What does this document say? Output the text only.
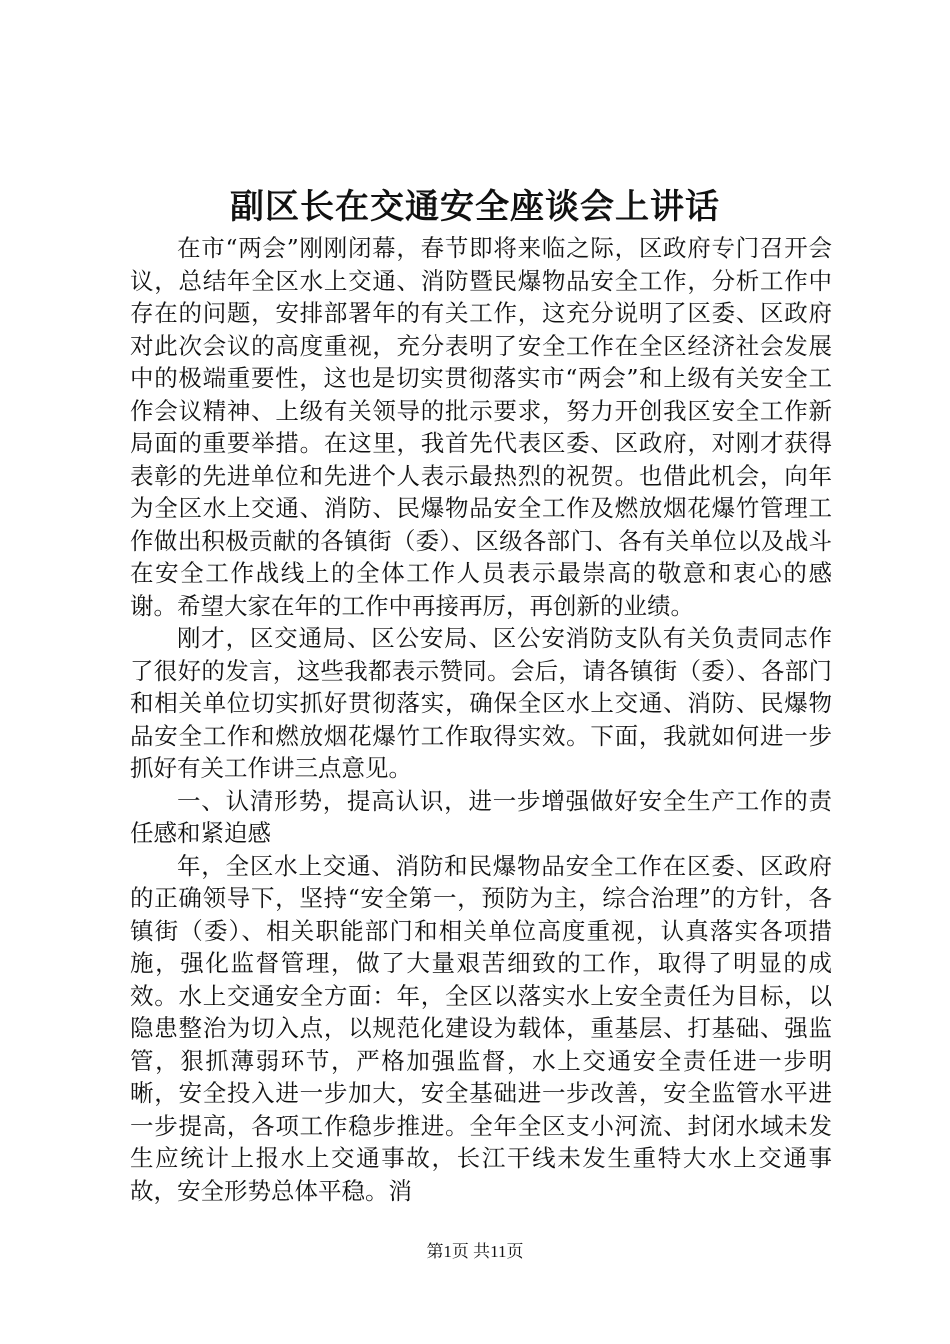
副区长在交通安全座谈会上讲话

在市“两会”刚刚闭幕，春节即将来临之际，区政府专门召开会议，总结年全区水上交通、消防暨民爆物品安全工作，分析工作中存在的问题，安排部署年的有关工作，这充分说明了区委、区政府对此次会议的高度重视，充分表明了安全工作在全区经济社会发展中的极端重要性，这也是切实贯彻落实市“两会”和上级有关安全工作会议精神、上级有关领导的批示要求，努力开创我区安全工作新局面的重要举措。在这里，我首先代表区委、区政府，对刚才获得表彰的先进单位和先进个人表示最热烈的祝贺。也借此机会，向年为全区水上交通、消防、民爆物品安全工作及燃放烟花爆竹管理工作做出积极贡献的各镇街（委）、区级各部门、各有关单位以及战斗在安全工作战线上的全体工作人员表示最崇高的敬意和衷心的感谢。希望大家在年的工作中再接再厉，再创新的业绩。

刚才，区交通局、区公安局、区公安消防支队有关负责同志作了很好的发言，这些我都表示赞同。会后，请各镇街（委）、各部门和相关单位切实抓好贯彻落实，确保全区水上交通、消防、民爆物品安全工作和燃放烟花爆竹工作取得实效。下面，我就如何进一步抓好有关工作讲三点意见。

一、认清形势，提高认识，进一步增强做好安全生产工作的责任感和紧迫感

年，全区水上交通、消防和民爆物品安全工作在区委、区政府的正确领导下，坚持“安全第一，预防为主，综合治理”的方针，各镇街（委）、相关职能部门和相关单位高度重视，认真落实各项措施，强化监督管理，做了大量艰苦细致的工作，取得了明显的成效。水上交通安全方面：年，全区以落实水上安全责任为目标，以隐患整治为切入点，以规范化建设为载体，重基层、打基础、强监管，狠抓薄弱环节，严格加强监督，水上交通安全责任进一步明晰，安全投入进一步加大，安全基础进一步改善，安全监管水平进一步提高，各项工作稳步推进。全年全区支小河流、封闭水域未发生应统计上报水上交通事故，长江干线未发生重特大水上交通事故，安全形势总体平稳。消

第1页 共11页
